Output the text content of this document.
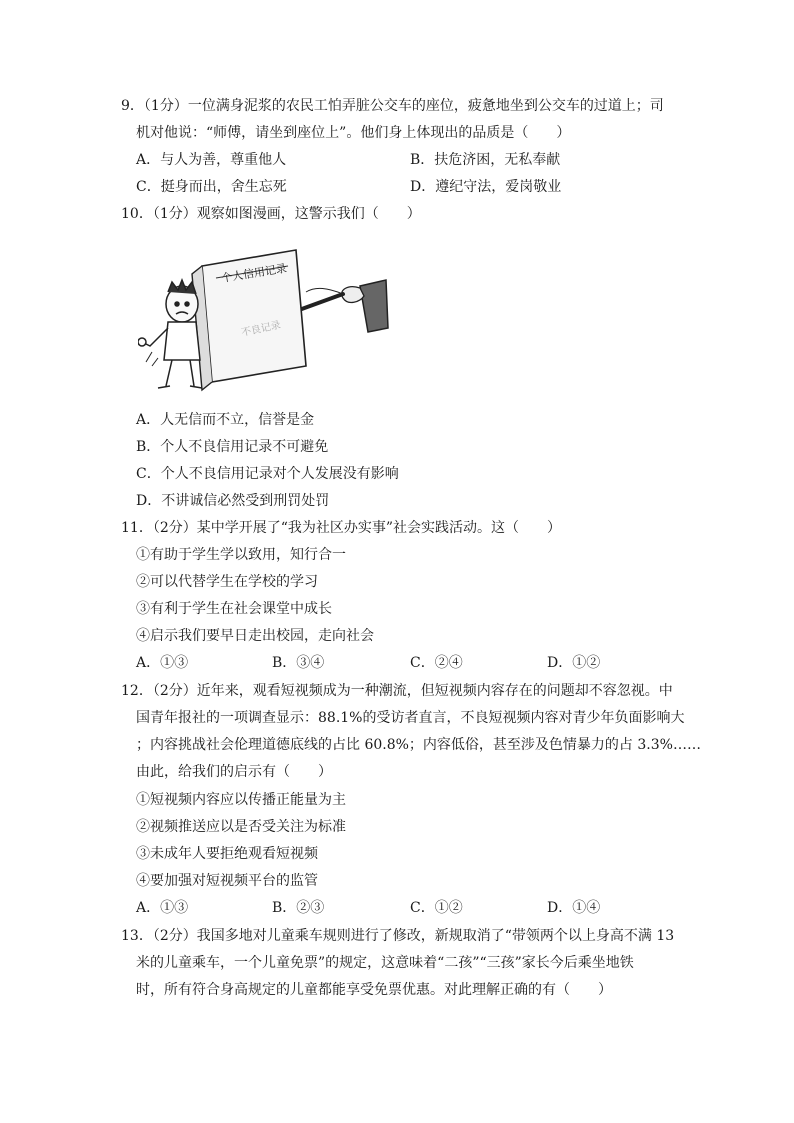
9．（1分）一位满身泥浆的农民工怕弄脏公交车的座位，疲惫地坐到公交车的过道上；司
机对他说：“师傅，请坐到座位上”。他们身上体现出的品质是（　　）
A．与人为善，尊重他人	B．扶危济困，无私奉献
C．挺身而出，舍生忘死	D．遵纪守法，爱岗敬业
10．（1分）观察如图漫画，这警示我们（　　）
个人信用记录
不良记录
A．人无信而不立，信誉是金
B．个人不良信用记录不可避免
C．个人不良信用记录对个人发展没有影响
D．不讲诚信必然受到刑罚处罚
11．（2分）某中学开展了“我为社区办实事”社会实践活动。这（　　）
①有助于学生学以致用，知行合一
②可以代替学生在学校的学习
③有利于学生在社会课堂中成长
④启示我们要早日走出校园，走向社会
A．①③	B．③④	C．②④	D．①②
12．（2分）近年来，观看短视频成为一种潮流，但短视频内容存在的问题却不容忽视。中
国青年报社的一项调查显示：88.1%的受访者直言，不良短视频内容对青少年负面影响大
；内容挑战社会伦理道德底线的占比 60.8%；内容低俗，甚至涉及色情暴力的占 3.3%……
由此，给我们的启示有（　　）
①短视频内容应以传播正能量为主
②视频推送应以是否受关注为标准
③未成年人要拒绝观看短视频
④要加强对短视频平台的监管
A．①③	B．②③	C．①②	D．①④
13．（2分）我国多地对儿童乘车规则进行了修改，新规取消了“带领两个以上身高不满 13
米的儿童乘车，一个儿童免票”的规定，这意味着“二孩”“三孩”家长今后乘坐地铁
时，所有符合身高规定的儿童都能享受免票优惠。对此理解正确的有（　　）
